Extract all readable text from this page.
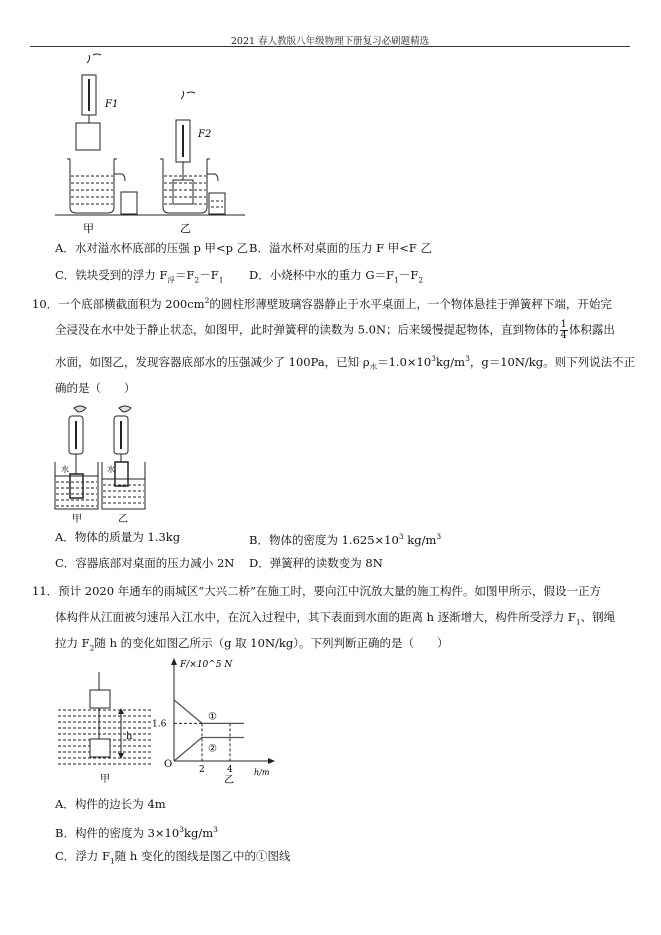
2021 春人教版八年级物理下册复习必刷题精选
F1
F2
甲	乙
A．水对溢水杯底部的压强 p 甲<p 乙 B．溢水杯对桌面的压力 F 甲<F 乙
C．铁块受到的浮力 $F_浮=F_2-F_1$ D．小烧杯中水的重力 $G=F_1-F_2$
10．一个底部横截面积为 $200cm^2$的圆柱形薄壁玻璃容器静止于水平桌面上，一个物体悬挂于弹簧秤下端，开始完
全浸没在水中处于静止状态，如图甲，此时弹簧秤的读数为 5.0N；后来缓慢提起物体，直到物体的 $\frac{1}{4}$ 体积露出
水面，如图乙，发现容器底部水的压强减少了 100Pa，已知 $\rho_水=1.0\times 10^3kg/m^3$，g＝10N/kg。则下列说法不正
确的是（　　）
水	水
甲	乙
A．物体的质量为 1.3kg	B．物体的密度为 $1.625\times 10^3$ $kg/m^3$
C．容器底部对桌面的压力减小 2N D．弹簧秤的读数变为 8N
11．预计 2020 年通车的雨城区“大兴二桥”在施工时，要向江中沉放大量的施工构件。如图甲所示，假设一正方
体构件从江面被匀速吊入江水中，在沉入过程中，其下表面到水面的距离 h 逐渐增大，构件所受浮力 $F_1$、钢绳
拉力 $F_2$随 h 的变化如图乙所示（g 取 10N/kg）。下列判断正确的是（　　）
h
甲
F/×10^5 N
h/m
O
乙
①
②
2 4
1.6
A．构件的边长为 4m
B．构件的密度为 $3\times 10^3kg/m^3$
C．浮力 $F_1$随 h 变化的图线是图乙中的①图线
